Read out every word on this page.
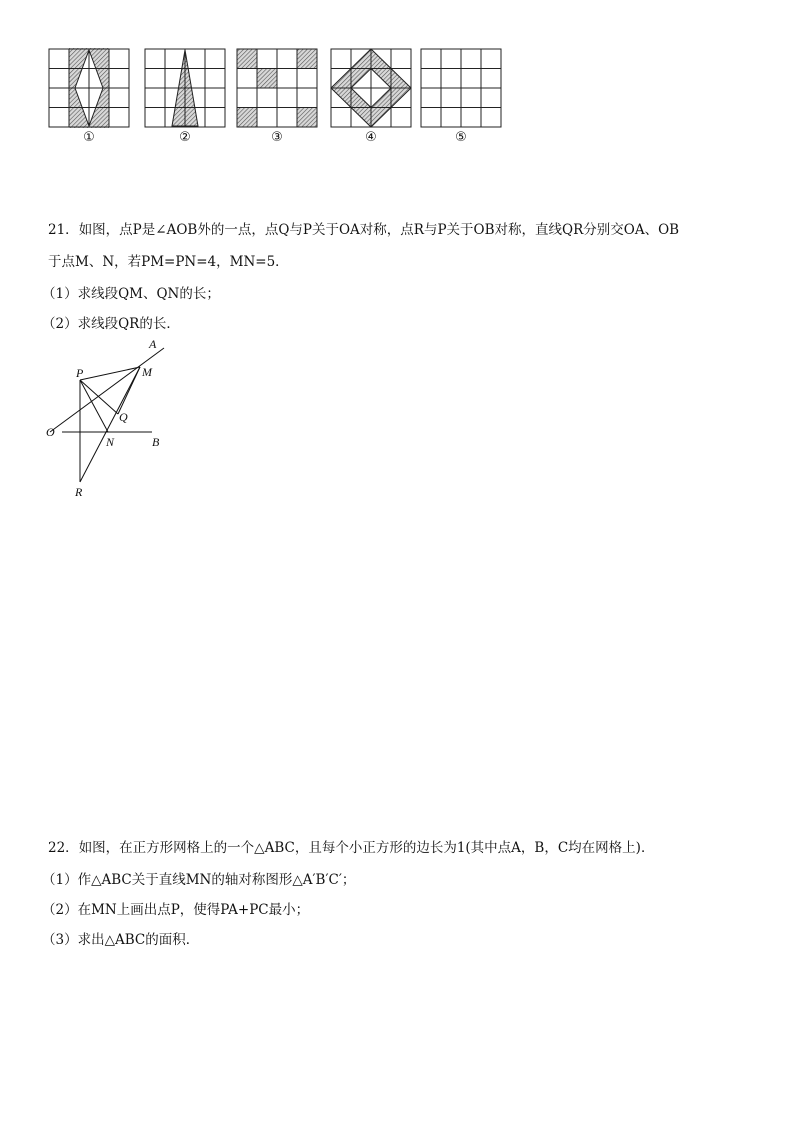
①	②	③	④	⑤
21．如图，点P是∠AOB外的一点，点Q与P关于OA对称，点R与P关于OB对称，直线QR分别交OA、OB
于点M、N，若PM=PN=4，MN=5．
（1）求线段QM、QN的长；
（2）求线段QR的长．
A
P	M
Q
O
N	B
R
22．如图，在正方形网格上的一个△ABC，且每个小正方形的边长为1(其中点A，B，C均在网格上)．
（1）作△ABC关于直线MN的轴对称图形△A′B′C′；
（2）在MN上画出点P，使得PA+PC最小；
（3）求出△ABC的面积．
